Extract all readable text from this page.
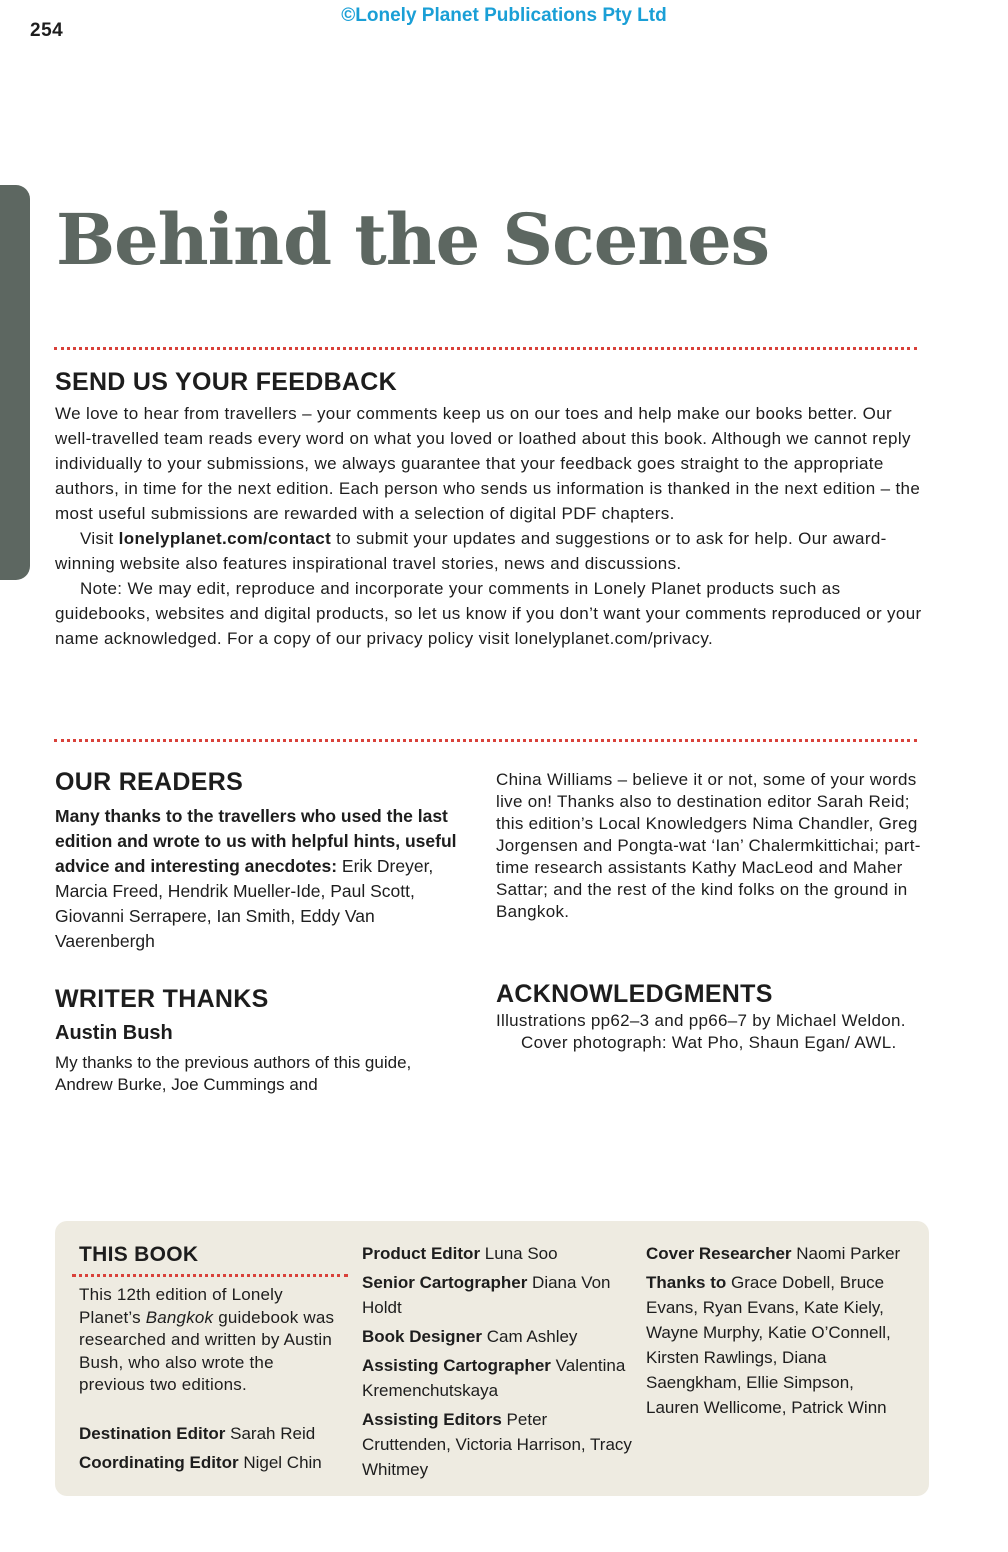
©Lonely Planet Publications Pty Ltd
254
Behind the Scenes
SEND US YOUR FEEDBACK

We love to hear from travellers – your comments keep us on our toes and help make our books better. Our well-travelled team reads every word on what you loved or loathed about this book. Although we cannot reply individually to your submissions, we always guarantee that your feedback goes straight to the appropriate authors, in time for the next edition. Each person who sends us information is thanked in the next edition – the most useful submissions are rewarded with a selection of digital PDF chapters.

Visit lonelyplanet.com/contact to submit your updates and suggestions or to ask for help. Our award-winning website also features inspirational travel stories, news and discussions.

Note: We may edit, reproduce and incorporate your comments in Lonely Planet products such as guidebooks, websites and digital products, so let us know if you don’t want your comments reproduced or your name acknowledged. For a copy of our privacy policy visit lonelyplanet.com/privacy.

OUR READERS
Many thanks to the travellers who used the last edition and wrote to us with helpful hints, useful advice and interesting anecdotes: Erik Dreyer, Marcia Freed, Hendrik Mueller-Ide, Paul Scott, Giovanni Serrapere, Ian Smith, Eddy Van Vaerenbergh
WRITER THANKS
Austin Bush
My thanks to the previous authors of this guide, Andrew Burke, Joe Cummings and
China Williams – believe it or not, some of your words live on! Thanks also to destination editor Sarah Reid; this edition’s Local Knowledgers Nima Chandler, Greg Jorgensen and Pongta-wat ‘Ian’ Chalermkittichai; part-time research assistants Kathy MacLeod and Maher Sattar; and the rest of the kind folks on the ground in Bangkok.
ACKNOWLEDGMENTS

Illustrations pp62–3 and pp66–7 by Michael Weldon.

Cover photograph: Wat Pho, Shaun Egan/ AWL.

THIS BOOK
This 12th edition of Lonely Planet’s Bangkok guidebook was researched and written by Austin Bush, who also wrote the previous two editions.
Destination Editor Sarah Reid
Coordinating Editor Nigel Chin
Product Editor Luna Soo
Senior Cartographer Diana Von Holdt
Book Designer Cam Ashley
Assisting Cartographer Valentina Kremenchutskaya
Assisting Editors Peter Cruttenden, Victoria Harrison, Tracy Whitmey
Cover Researcher Naomi Parker
Thanks to Grace Dobell, Bruce Evans, Ryan Evans, Kate Kiely, Wayne Murphy, Katie O’Connell, Kirsten Rawlings, Diana Saengkham, Ellie Simpson, Lauren Wellicome, Patrick Winn
